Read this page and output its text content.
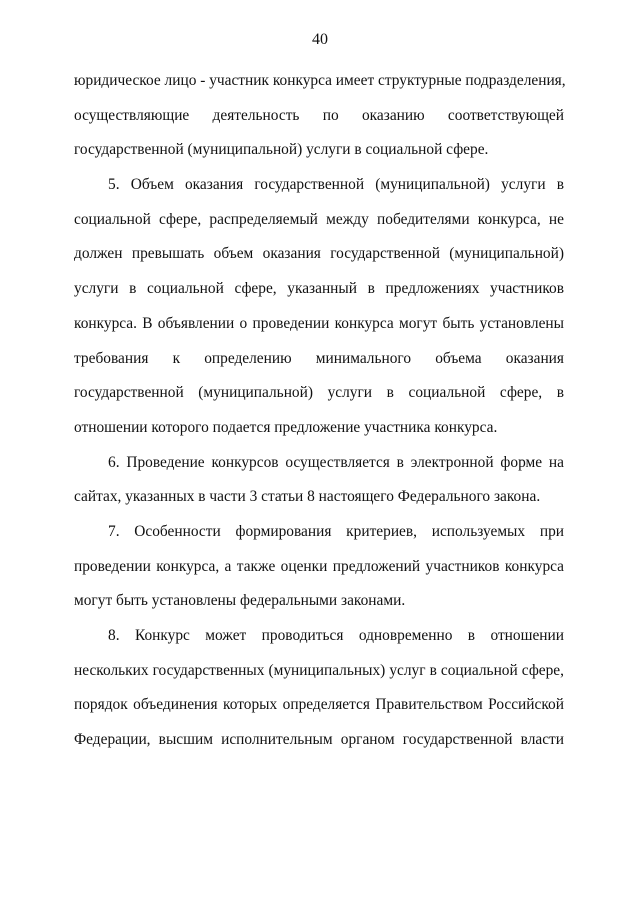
40
юридическое лицо - участник конкурса имеет структурные подразделения,
осуществляющие деятельность по оказанию соответствующей
государственной (муниципальной) услуги в социальной сфере.
5. Объем оказания государственной (муниципальной) услуги в
социальной сфере, распределяемый между победителями конкурса, не
должен превышать объем оказания государственной (муниципальной)
услуги в социальной сфере, указанный в предложениях участников
конкурса. В объявлении о проведении конкурса могут быть установлены
требования к определению минимального объема оказания
государственной (муниципальной) услуги в социальной сфере, в
отношении которого подается предложение участника конкурса.
6. Проведение конкурсов осуществляется в электронной форме на
сайтах, указанных в части 3 статьи 8 настоящего Федерального закона.
7. Особенности формирования критериев, используемых при
проведении конкурса, а также оценки предложений участников конкурса
могут быть установлены федеральными законами.
8. Конкурс может проводиться одновременно в отношении
нескольких государственных (муниципальных) услуг в социальной сфере,
порядок объединения которых определяется Правительством Российской
Федерации, высшим исполнительным органом государственной власти
